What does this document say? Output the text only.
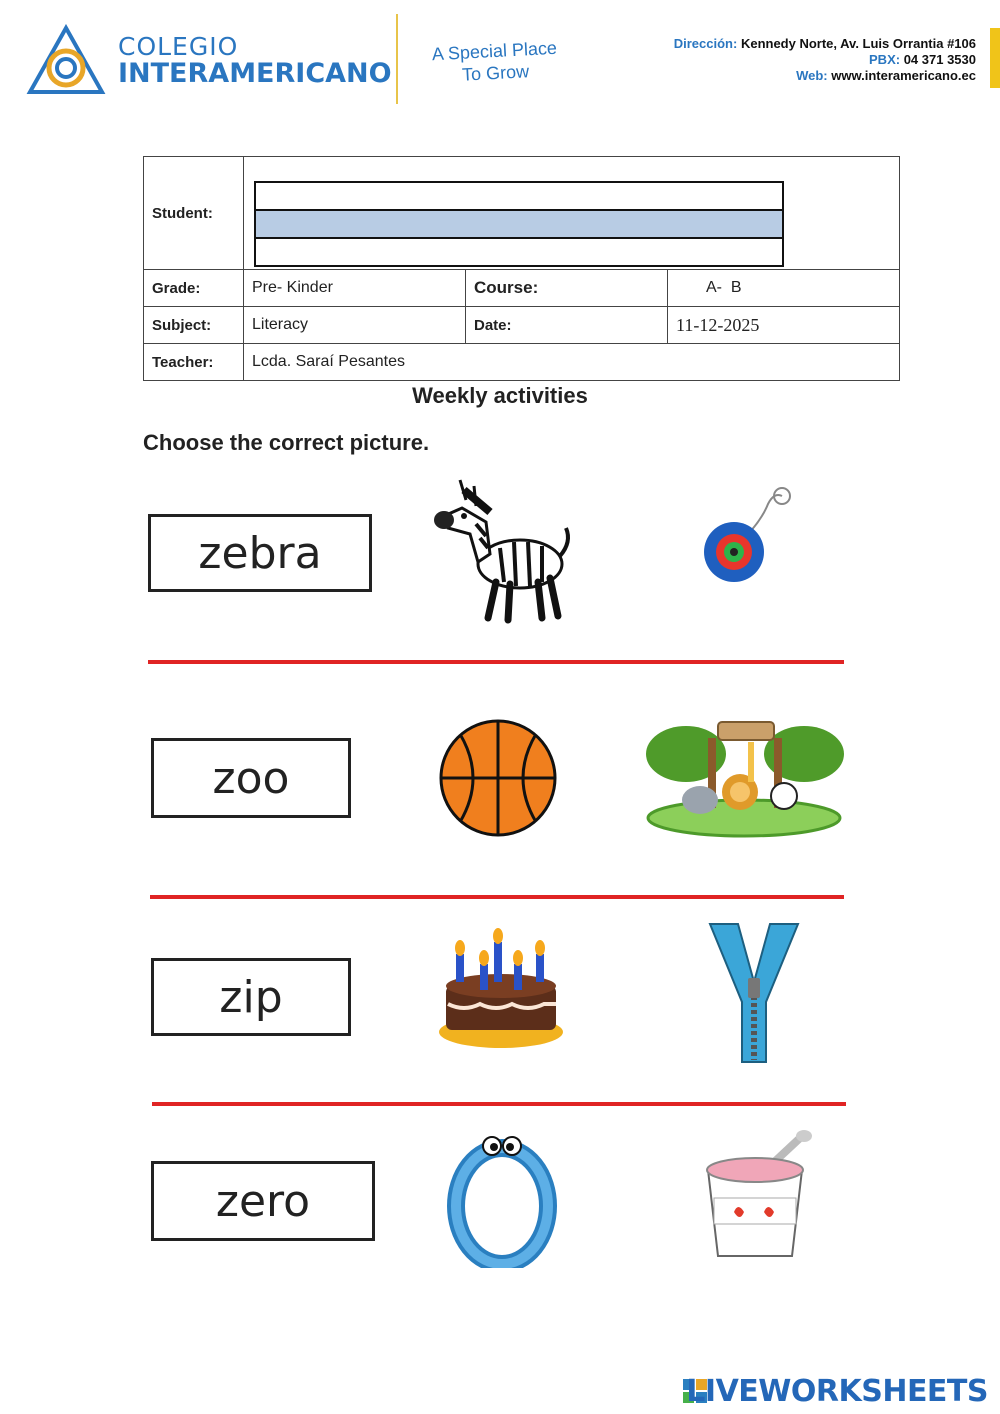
COLEGIO
INTERAMERICANO
A Special Place
To Grow
Dirección: Kennedy Norte, Av. Luis Orrantia #106
PBX: 04 371 3530
Web: www.interamericano.ec
Student:			

Grade:	Pre- Kinder	Course:	A-  B
Subject:	Literacy	Date:	11-12-2025
Teacher:	Lcda. Saraí Pesantes		
Weekly activities
Choose the correct picture.
zebra
zoo
zip
zero
LIVEWORKSHEETS
